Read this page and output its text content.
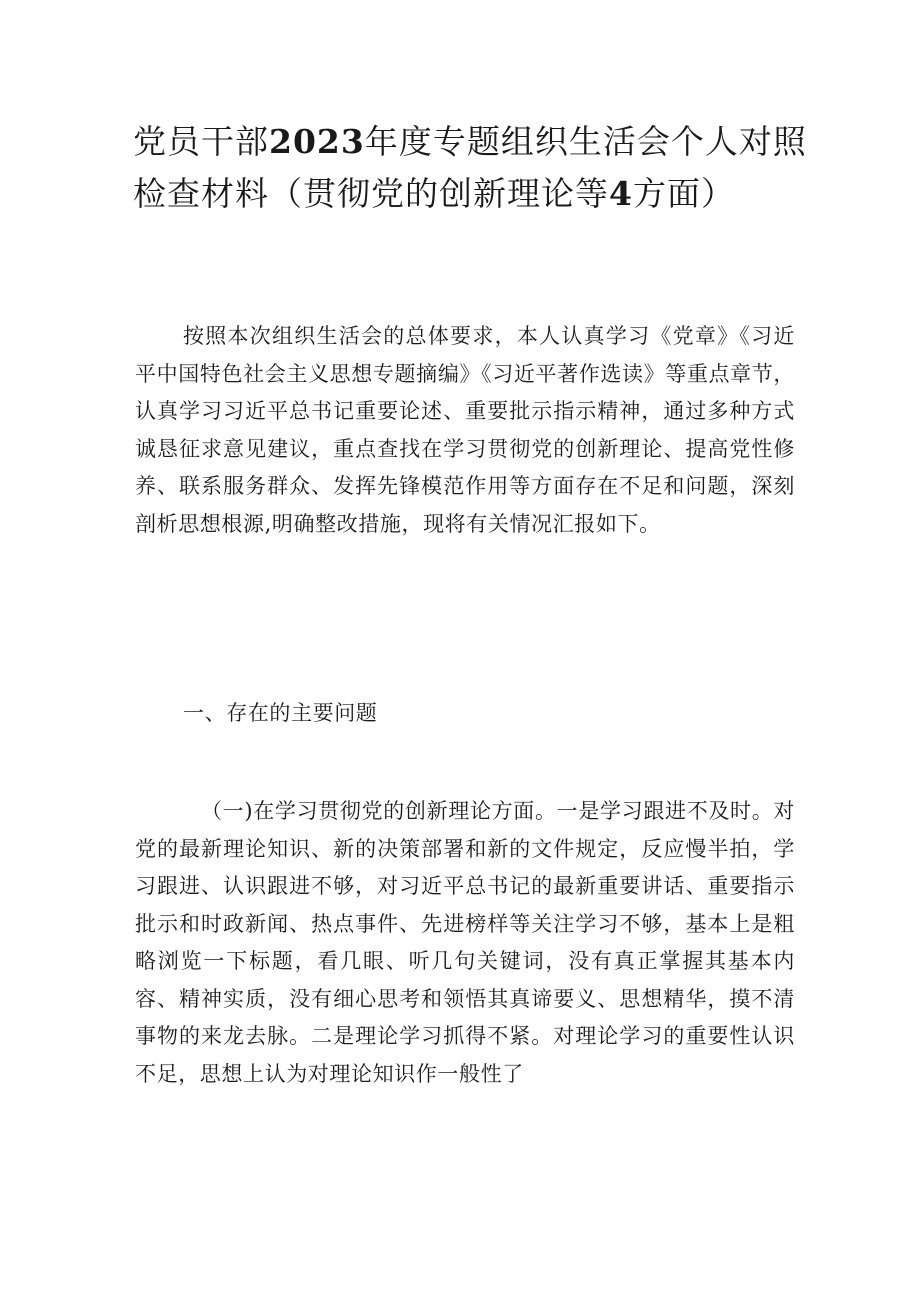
党员干部2023年度专题组织生活会个人对照检查材料（贯彻党的创新理论等4方面）

按照本次组织生活会的总体要求，本人认真学习《党章》《习近平中国特色社会主义思想专题摘编》《习近平著作选读》等重点章节，认真学习习近平总书记重要论述、重要批示指示精神，通过多种方式诚恳征求意见建议，重点查找在学习贯彻党的创新理论、提高党性修养、联系服务群众、发挥先锋模范作用等方面存在不足和问题，深刻剖析思想根源,明确整改措施，现将有关情况汇报如下。

一、存在的主要问题

（一)在学习贯彻党的创新理论方面。一是学习跟进不及时。对党的最新理论知识、新的决策部署和新的文件规定，反应慢半拍，学习跟进、认识跟进不够，对习近平总书记的最新重要讲话、重要指示批示和时政新闻、热点事件、先进榜样等关注学习不够，基本上是粗略浏览一下标题，看几眼、听几句关键词，没有真正掌握其基本内容、精神实质，没有细心思考和领悟其真谛要义、思想精华，摸不清事物的来龙去脉。二是理论学习抓得不紧。对理论学习的重要性认识不足，思想上认为对理论知识作一般性了
